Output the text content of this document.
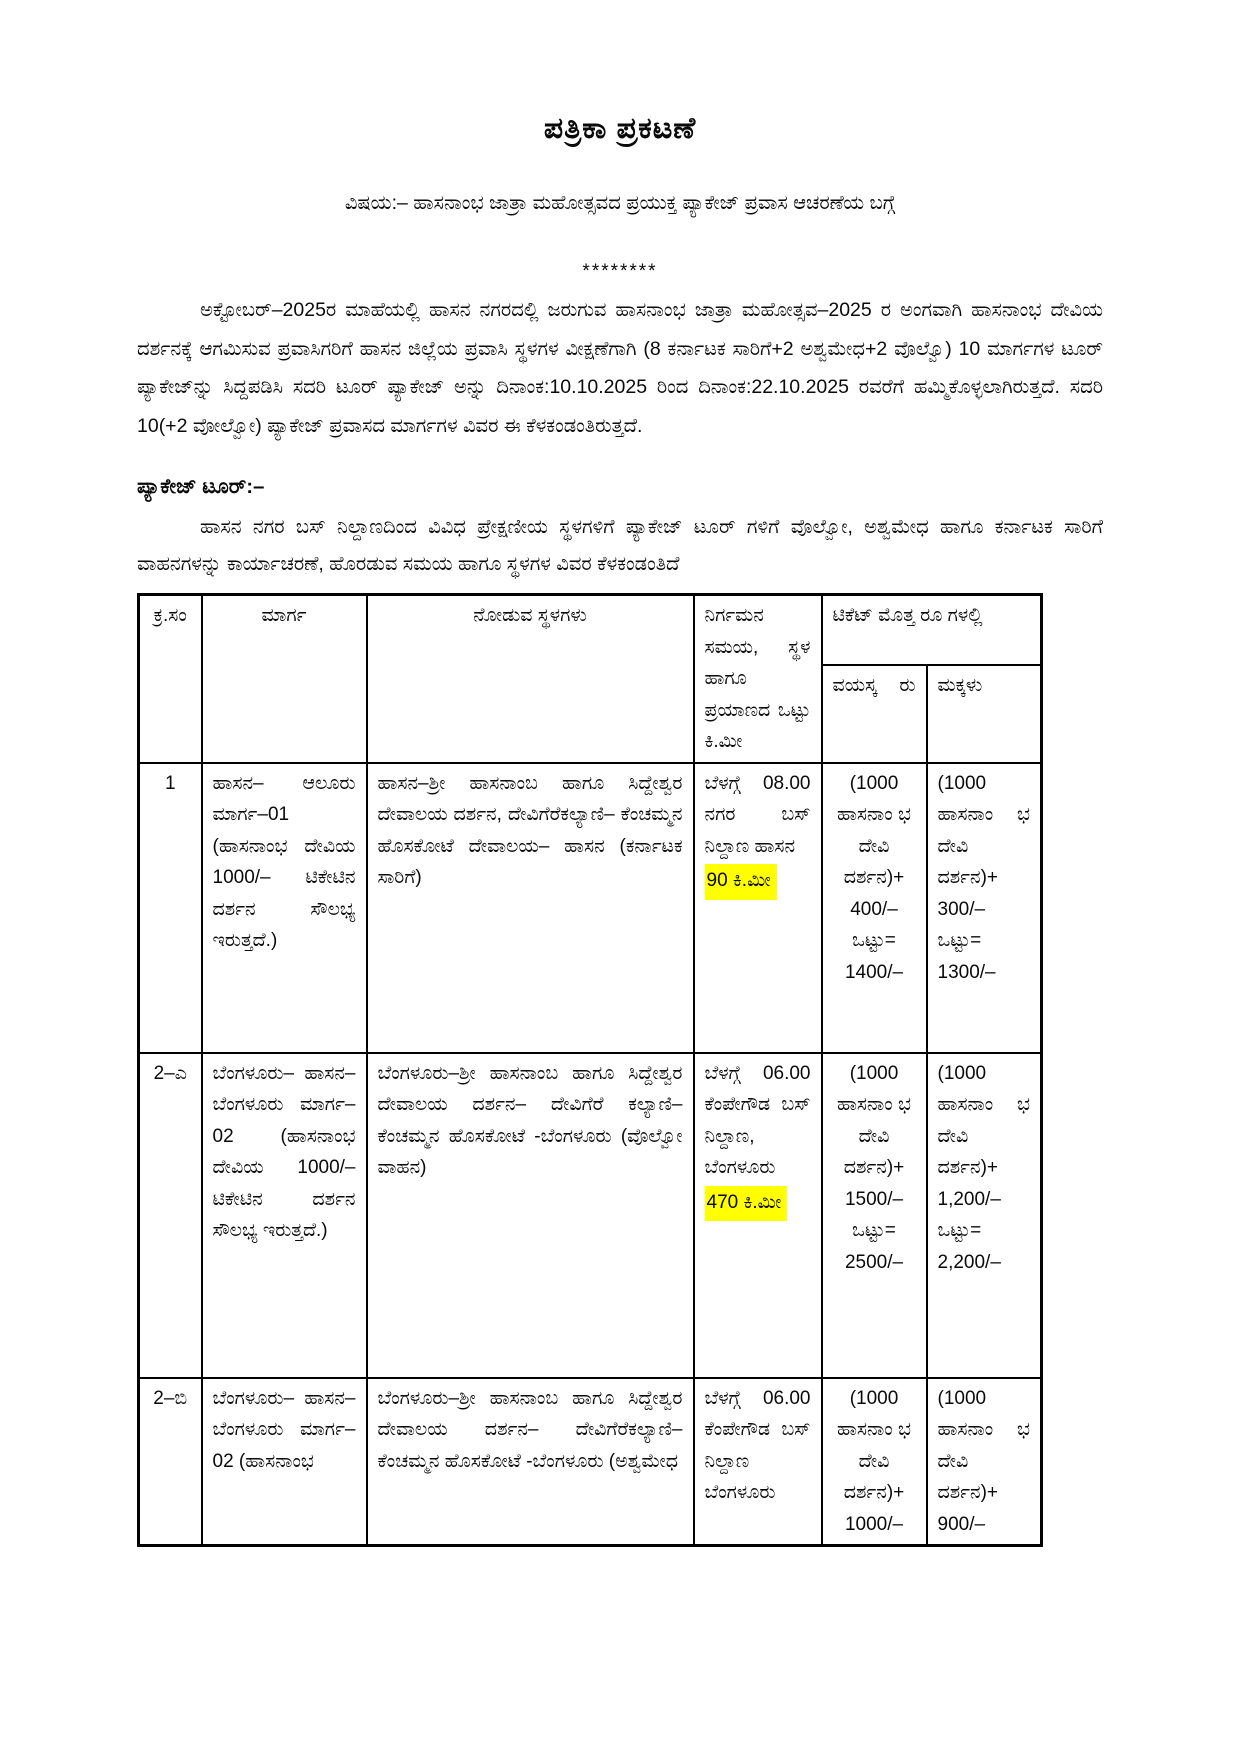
ಪತ್ರಿಕಾ ಪ್ರಕಟಣೆ

ವಿಷಯ:– ಹಾಸನಾಂಭ ಜಾತ್ರಾ ಮಹೋತ್ಸವದ ಪ್ರಯುಕ್ತ ಪ್ಯಾಕೇಜ್ ಪ್ರವಾಸ ಆಚರಣೆಯ ಬಗ್ಗೆ

********

ಅಕ್ಟೋಬರ್–2025ರ ಮಾಹೆಯಲ್ಲಿ ಹಾಸನ ನಗರದಲ್ಲಿ ಜರುಗುವ ಹಾಸನಾಂಭ ಜಾತ್ರಾ ಮಹೋತ್ಸವ–2025 ರ ಅಂಗವಾಗಿ ಹಾಸನಾಂಭ ದೇವಿಯ ದರ್ಶನಕ್ಕೆ ಆಗಮಿಸುವ ಪ್ರವಾಸಿಗರಿಗೆ ಹಾಸನ ಜಿಲ್ಲೆಯ ಪ್ರವಾಸಿ ಸ್ಥಳಗಳ ವೀಕ್ಷಣೆಗಾಗಿ (8 ಕರ್ನಾಟಕ ಸಾರಿಗೆ+2 ಅಶ್ವಮೇಧ+2 ವೊಲ್ವೊ) 10 ಮಾರ್ಗಗಳ ಟೂರ್ ಪ್ಯಾಕೇಜ್‌ನ್ನು ಸಿದ್ದಪಡಿಸಿ ಸದರಿ ಟೂರ್ ಪ್ಯಾಕೇಜ್ ಅನ್ನು ದಿನಾಂಕ:10.10.2025 ರಿಂದ ದಿನಾಂಕ:22.10.2025 ರವರೆಗೆ ಹಮ್ಮಿಕೊಳ್ಳಲಾಗಿರುತ್ತದೆ. ಸದರಿ 10(+2 ವೋಲ್ವೋ) ಪ್ಯಾಕೇಜ್ ಪ್ರವಾಸದ ಮಾರ್ಗಗಳ ವಿವರ ಈ ಕೆಳಕಂಡಂತಿರುತ್ತದೆ.

ಪ್ಯಾಕೇಜ್ ಟೂರ್:–

ಹಾಸನ ನಗರ ಬಸ್ ನಿಲ್ದಾಣದಿಂದ ವಿವಿಧ ಪ್ರೇಕ್ಷಣೀಯ ಸ್ಥಳಗಳಿಗೆ ಪ್ಯಾಕೇಜ್ ಟೂರ್ ಗಳಿಗೆ ವೊಲ್ವೋ, ಅಶ್ವಮೇಧ ಹಾಗೂ ಕರ್ನಾಟಕ ಸಾರಿಗೆ ವಾಹನಗಳನ್ನು ಕಾರ್ಯಾಚರಣೆ, ಹೊರಡುವ ಸಮಯ ಹಾಗೂ ಸ್ಥಳಗಳ ವಿವರ ಕೆಳಕಂಡಂತಿದೆ

ಕ್ರ.ಸಂ	ಮಾರ್ಗ	ನೋಡುವ ಸ್ಥಳಗಳು	ನಿರ್ಗಮನ ಸಮಯ, ಸ್ಥಳ ಹಾಗೂ ಪ್ರಯಾಣದ ಒಟ್ಟು ಕಿ.ಮೀ	ಟಿಕೆಟ್ ಮೊತ್ತ ರೂ ಗಳಲ್ಲಿ	
				ವಯಸ್ಕ ರು	ಮಕ್ಕಳು
1	ಹಾಸನ– ಆಲೂರು ಮಾರ್ಗ–01 (ಹಾಸನಾಂಭ ದೇವಿಯ 1000/– ಟಿಕೇಟಿನ ದರ್ಶನ ಸೌಲಭ್ಯ ಇರುತ್ತದೆ.)	ಹಾಸನ–ಶ್ರೀ ಹಾಸನಾಂಬ ಹಾಗೂ ಸಿದ್ದೇಶ್ವರ ದೇವಾಲಯ ದರ್ಶನ, ದೇವಿಗೆರೆಕಲ್ಯಾಣಿ– ಕೆಂಚಮ್ಮನ ಹೊಸಕೋಟೆ ದೇವಾಲಯ– ಹಾಸನ (ಕರ್ನಾಟಕ ಸಾರಿಗೆ)	ಬೆಳಗ್ಗೆ 08.00 ನಗರ ಬಸ್ ನಿಲ್ದಾಣ ಹಾಸನ
90 ಕಿ.ಮೀ	(1000 ಹಾಸನಾಂ ಭ ದೇವಿ ದರ್ಶನ)+ 400/– ಒಟ್ಟು= 1400/–	(1000 ಹಾಸನಾಂ ಭ ದೇವಿ ದರ್ಶನ)+ 300/– ಒಟ್ಟು= 1300/–
2–ಎ	ಬೆಂಗಳೂರು– ಹಾಸನ– ಬೆಂಗಳೂರು ಮಾರ್ಗ–02 (ಹಾಸನಾಂಭ ದೇವಿಯ 1000/– ಟಿಕೇಟಿನ ದರ್ಶನ ಸೌಲಭ್ಯ ಇರುತ್ತದೆ.)	ಬೆಂಗಳೂರು–ಶ್ರೀ ಹಾಸನಾಂಬ ಹಾಗೂ ಸಿದ್ದೇಶ್ವರ ದೇವಾಲಯ ದರ್ಶನ– ದೇವಿಗೆರೆ ಕಲ್ಯಾಣಿ–ಕೆಂಚಮ್ಮನ ಹೊಸಕೋಟೆ -ಬೆಂಗಳೂರು (ವೊಲ್ವೋ ವಾಹನ)	ಬೆಳಗ್ಗೆ 06.00 ಕೆಂಪೇಗೌಡ ಬಸ್ ನಿಲ್ದಾಣ, ಬೆಂಗಳೂರು
470 ಕಿ.ಮೀ	(1000 ಹಾಸನಾಂ ಭ ದೇವಿ ದರ್ಶನ)+ 1500/– ಒಟ್ಟು= 2500/–	(1000 ಹಾಸನಾಂ ಭ ದೇವಿ ದರ್ಶನ)+ 1,200/– ಒಟ್ಟು= 2,200/–
2–ಬಿ	ಬೆಂಗಳೂರು– ಹಾಸನ– ಬೆಂಗಳೂರು ಮಾರ್ಗ–02 (ಹಾಸನಾಂಭ	ಬೆಂಗಳೂರು–ಶ್ರೀ ಹಾಸನಾಂಬ ಹಾಗೂ ಸಿದ್ದೇಶ್ವರ ದೇವಾಲಯ ದರ್ಶನ– ದೇವಿಗೆರೆಕಲ್ಯಾಣಿ– ಕೆಂಚಮ್ಮನ ಹೊಸಕೋಟೆ -ಬೆಂಗಳೂರು (ಅಶ್ವಮೇಧ	ಬೆಳಗ್ಗೆ 06.00 ಕೆಂಪೇಗೌಡ ಬಸ್ ನಿಲ್ದಾಣ ಬೆಂಗಳೂರು	(1000 ಹಾಸನಾಂ ಭ ದೇವಿ ದರ್ಶನ)+ 1000/–	(1000 ಹಾಸನಾಂ ಭ ದೇವಿ ದರ್ಶನ)+ 900/–
